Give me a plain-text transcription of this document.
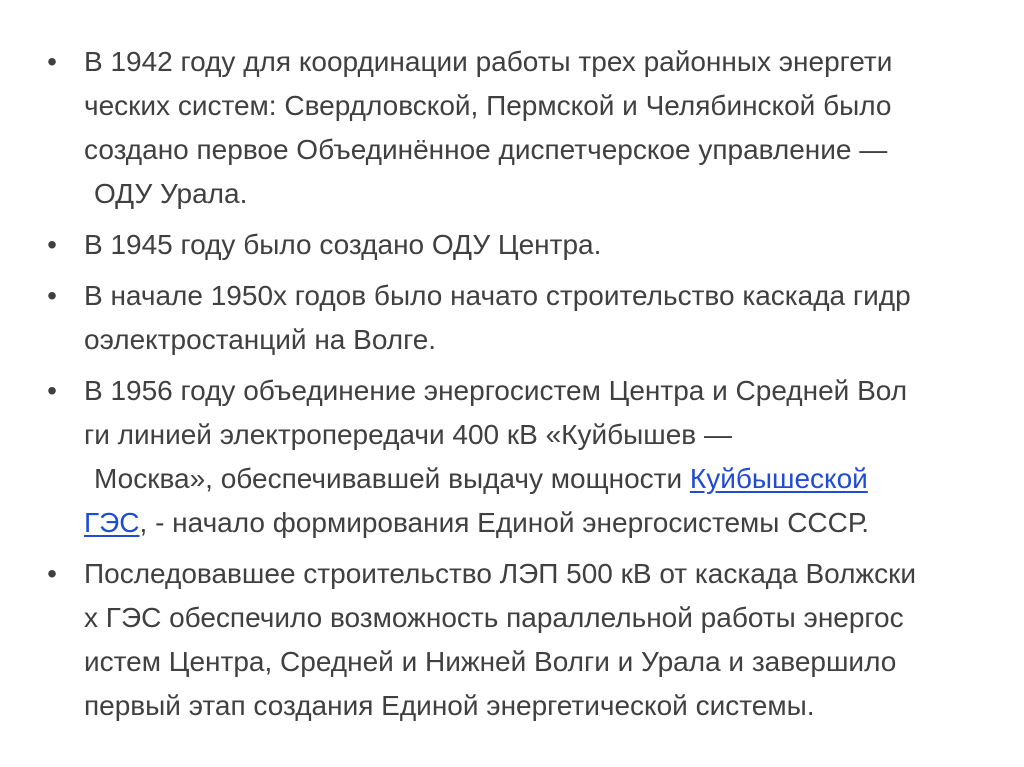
• В 1942 году для координации работы трех районных энергети
ческих систем: Свердловской, Пермской и Челябинской было
создано первое Объединённое диспетчерское управление —
ОДУ Урала.
• В 1945 году было создано ОДУ Центра.
• В начале 1950х годов было начато строительство каскада гидр
оэлектростанций на Волге.
• В 1956 году объединение энергосистем Центра и Средней Вол
ги линией электропередачи 400 кВ «Куйбышев —
Москва», обеспечивавшей выдачу мощности Куйбышеской
ГЭС, - начало формирования Единой энергосистемы СССР.
• Последовавшее строительство ЛЭП 500 кВ от каскада Волжски
х ГЭС обеспечило возможность параллельной работы энергос
истем Центра, Средней и Нижней Волги и Урала и завершило
первый этап создания Единой энергетической системы.
